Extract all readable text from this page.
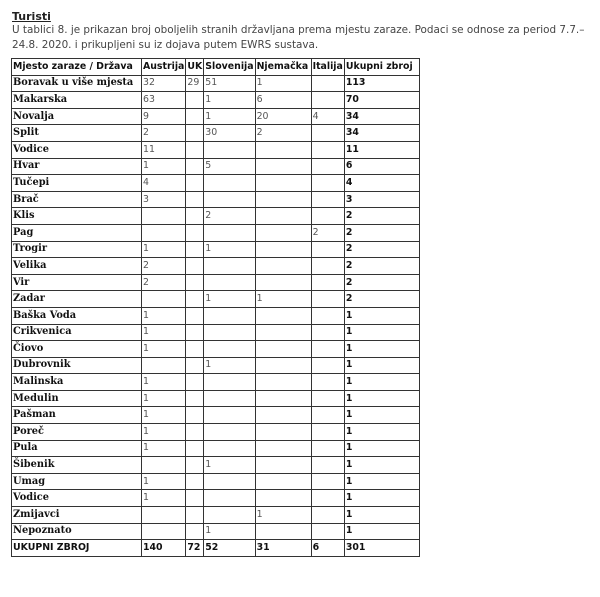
Turisti
U tablici 8. je prikazan broj oboljelih stranih državljana prema mjestu zaraze. Podaci se odnose za period 7.7.–24.8. 2020. i prikupljeni su iz dojava putem EWRS sustava.
Mjesto zaraze / Država	Austrija	UK	Slovenija	Njemačka	Italija	Ukupni zbroj
Boravak u više mjesta	32	29	51	1		113
Makarska	63		1	6		70
Novalja	9		1	20	4	34
Split	2		30	2		34
Vodice	11					11
Hvar	1		5			6
Tučepi	4					4
Brač	3					3
Klis			2			2
Pag					2	2
Trogir	1		1			2
Velika	2					2
Vir	2					2
Zadar			1	1		2
Baška Voda	1					1
Crikvenica	1					1
Čiovo	1					1
Dubrovnik			1			1
Malinska	1					1
Medulin	1					1
Pašman	1					1
Poreč	1					1
Pula	1					1
Šibenik			1			1
Umag	1					1
Vodice	1					1
Zmijavci				1		1
Nepoznato			1			1
UKUPNI ZBROJ	140	72	52	31	6	301
